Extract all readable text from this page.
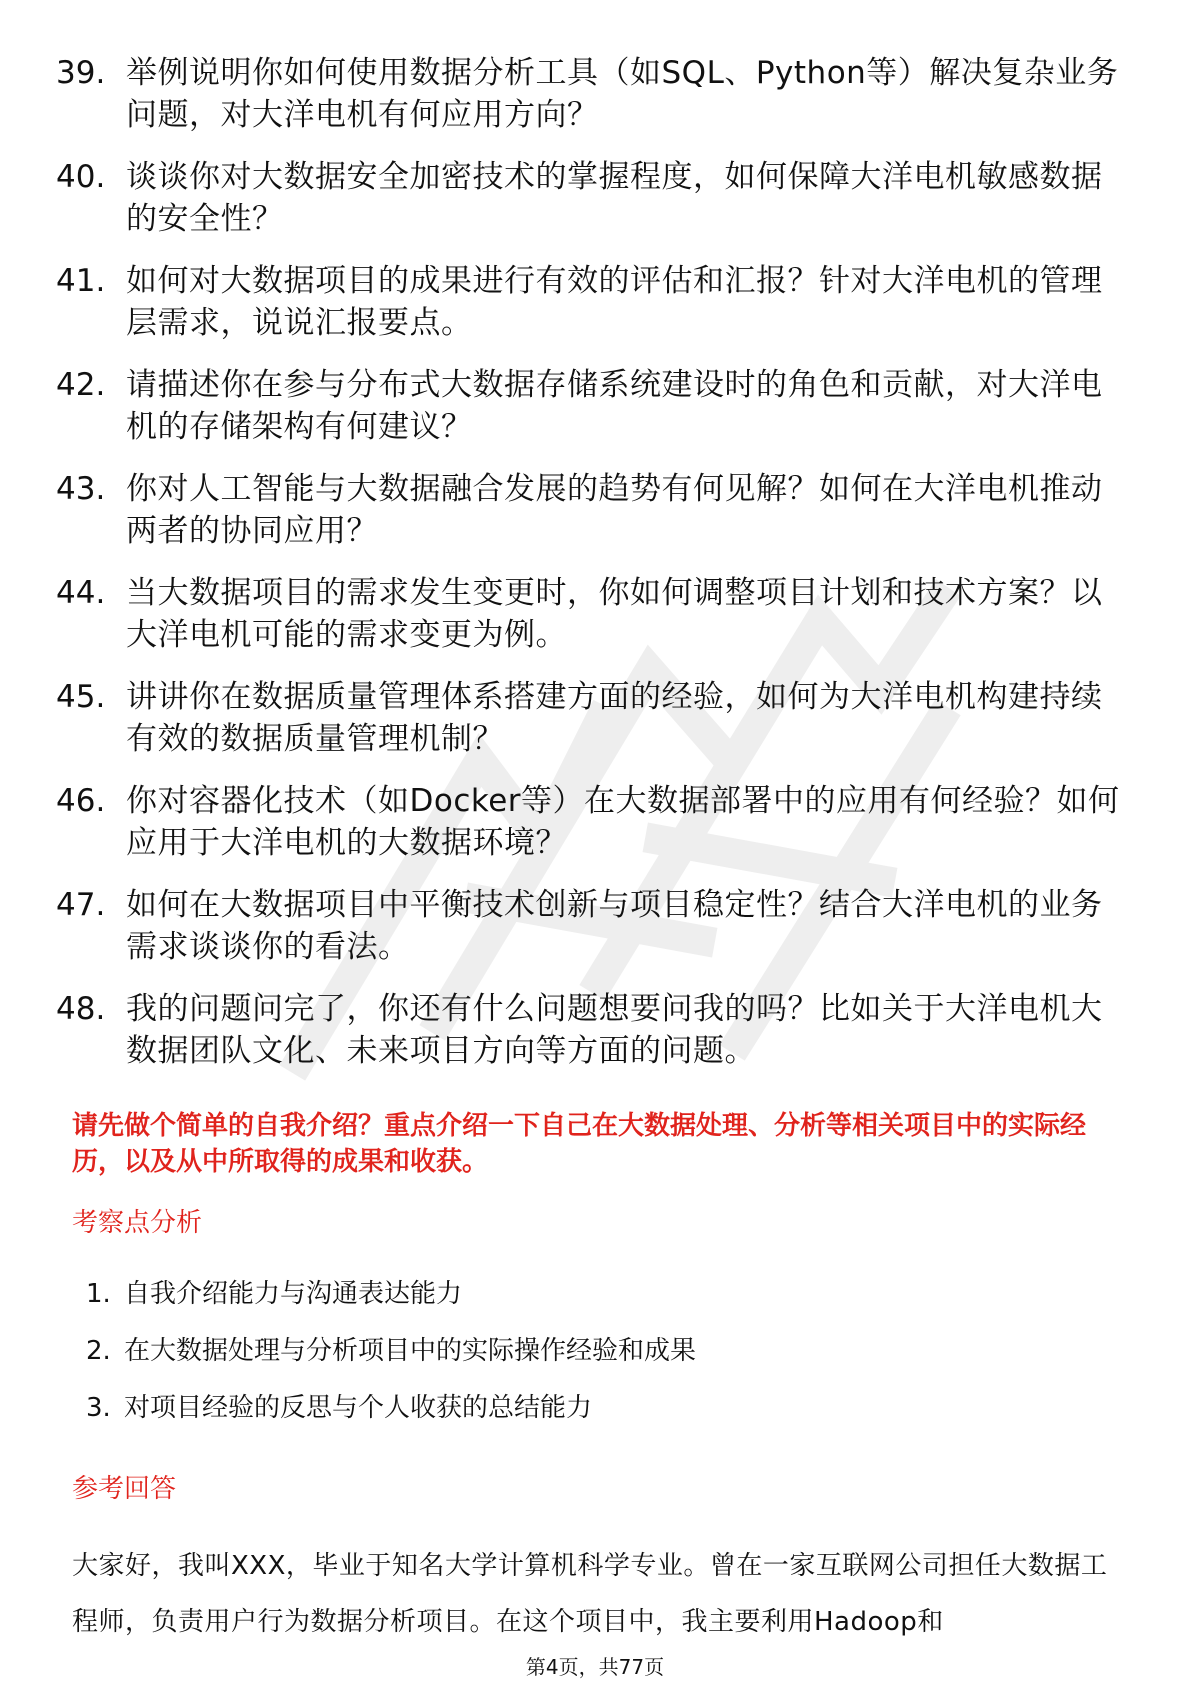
39. 举例说明你如何使用数据分析工具（如SQL、Python等）解决复杂业务问题，对大洋电机有何应用方向？
40. 谈谈你对大数据安全加密技术的掌握程度，如何保障大洋电机敏感数据的安全性？
41. 如何对大数据项目的成果进行有效的评估和汇报？针对大洋电机的管理层需求，说说汇报要点。
42. 请描述你在参与分布式大数据存储系统建设时的角色和贡献，对大洋电机的存储架构有何建议？
43. 你对人工智能与大数据融合发展的趋势有何见解？如何在大洋电机推动两者的协同应用？
44. 当大数据项目的需求发生变更时，你如何调整项目计划和技术方案？以大洋电机可能的需求变更为例。
45. 讲讲你在数据质量管理体系搭建方面的经验，如何为大洋电机构建持续有效的数据质量管理机制？
46. 你对容器化技术（如Docker等）在大数据部署中的应用有何经验？如何应用于大洋电机的大数据环境？
47. 如何在大数据项目中平衡技术创新与项目稳定性？结合大洋电机的业务需求谈谈你的看法。
48. 我的问题问完了，你还有什么问题想要问我的吗？比如关于大洋电机大数据团队文化、未来项目方向等方面的问题。
请先做个简单的自我介绍？重点介绍一下自己在大数据处理、分析等相关项目中的实际经历，以及从中所取得的成果和收获。
考察点分析
1. 自我介绍能力与沟通表达能力
2. 在大数据处理与分析项目中的实际操作经验和成果
3. 对项目经验的反思与个人收获的总结能力
参考回答
大家好，我叫XXX，毕业于知名大学计算机科学专业。曾在一家互联网公司担任大数据工程师，负责用户行为数据分析项目。在这个项目中，我主要利用Hadoop和
第4页，共77页
